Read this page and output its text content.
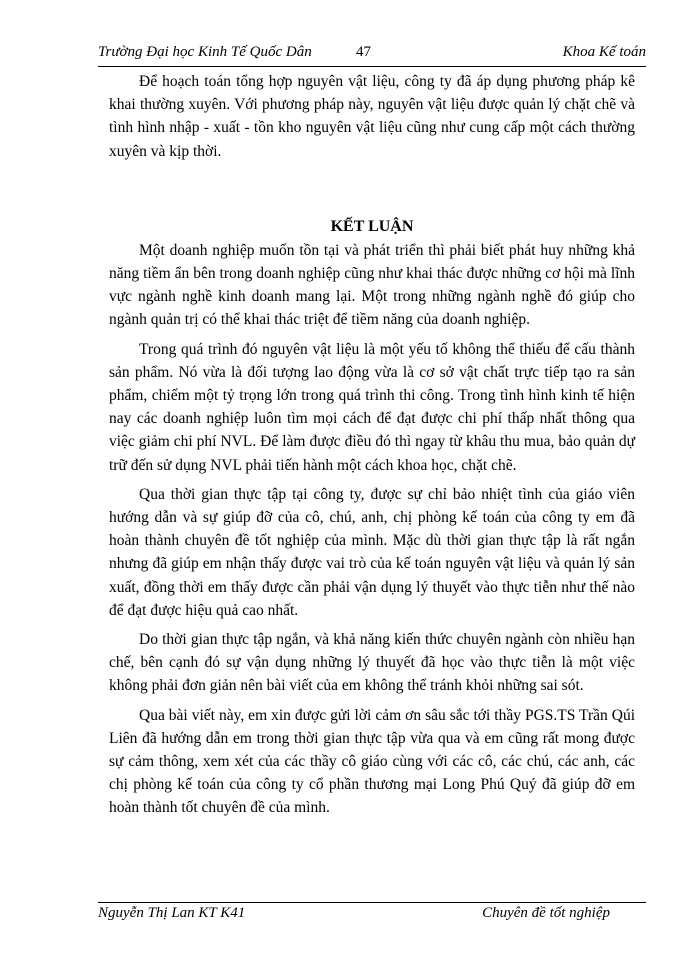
Trường Đại học Kinh Tế Quốc Dân	47	Khoa Kế toán

Để hoạch toán tổng hợp nguyên vật liệu, công ty đã áp dụng phương pháp kê khai thường xuyên. Với phương pháp này, nguyên vật liệu được quản lý chặt chẽ và tình hình nhập - xuất - tồn kho nguyên vật liệu cũng như cung cấp một cách thường xuyên và kịp thời.

KẾT LUẬN

Một doanh nghiệp muốn tồn tại và phát triển thì phải biết phát huy những khả năng tiềm ẩn bên trong doanh nghiệp cũng như khai thác được những cơ hội mà lĩnh vực ngành nghề kinh doanh mang lại. Một trong những ngành nghề đó giúp cho ngành quản trị có thể khai thác triệt để tiềm năng của doanh nghiệp.

Trong quá trình đó nguyên vật liệu là một yếu tố không thể thiếu để cấu thành sản phẩm. Nó vừa là đối tượng lao động vừa là cơ sở vật chất trực tiếp tạo ra sản phẩm, chiếm một tỷ trọng lớn trong quá trình thi công. Trong tình hình kinh tế hiện nay các doanh nghiệp luôn tìm mọi cách để đạt được chi phí thấp nhất thông qua việc giảm chi phí NVL. Để làm được điều đó thì ngay từ khâu thu mua, bảo quản dự trữ đến sử dụng NVL phải tiến hành một cách khoa học, chặt chẽ.

Qua thời gian thực tập tại công ty, được sự chỉ bảo nhiệt tình của giáo viên hướng dẫn và sự giúp đỡ của cô, chú, anh, chị phòng kế toán của công ty em đã hoàn thành chuyên đề tốt nghiệp của mình. Mặc dù thời gian thực tập là rất ngắn nhưng đã giúp em nhận thấy được vai trò của kế toán nguyên vật liệu và quản lý sản xuất, đồng thời em thấy được cần phải vận dụng lý thuyết vào thực tiễn như thế nào để đạt được hiệu quả cao nhất.

Do thời gian thực tập ngắn, và khả năng kiến thức chuyên ngành còn nhiều hạn chế, bên cạnh đó sự vận dụng những lý thuyết đã học vào thực tiễn là một việc không phải đơn giản nên bài viết của em không thể tránh khỏi những sai sót.

Qua bài viết này, em xin được gửi lời cảm ơn sâu sắc tới thầy PGS.TS Trần Qúi Liên đã hướng dẫn em trong thời gian thực tập vừa qua và em cũng rất mong được sự cảm thông, xem xét của các thầy cô giáo cùng với các cô, các chú, các anh, các chị phòng kế toán của công ty cổ phần thương mại Long Phú Quý đã giúp đỡ em hoàn thành tốt chuyên đề của mình.

Nguyễn Thị Lan KT K41	Chuyên đề tốt nghiệp
